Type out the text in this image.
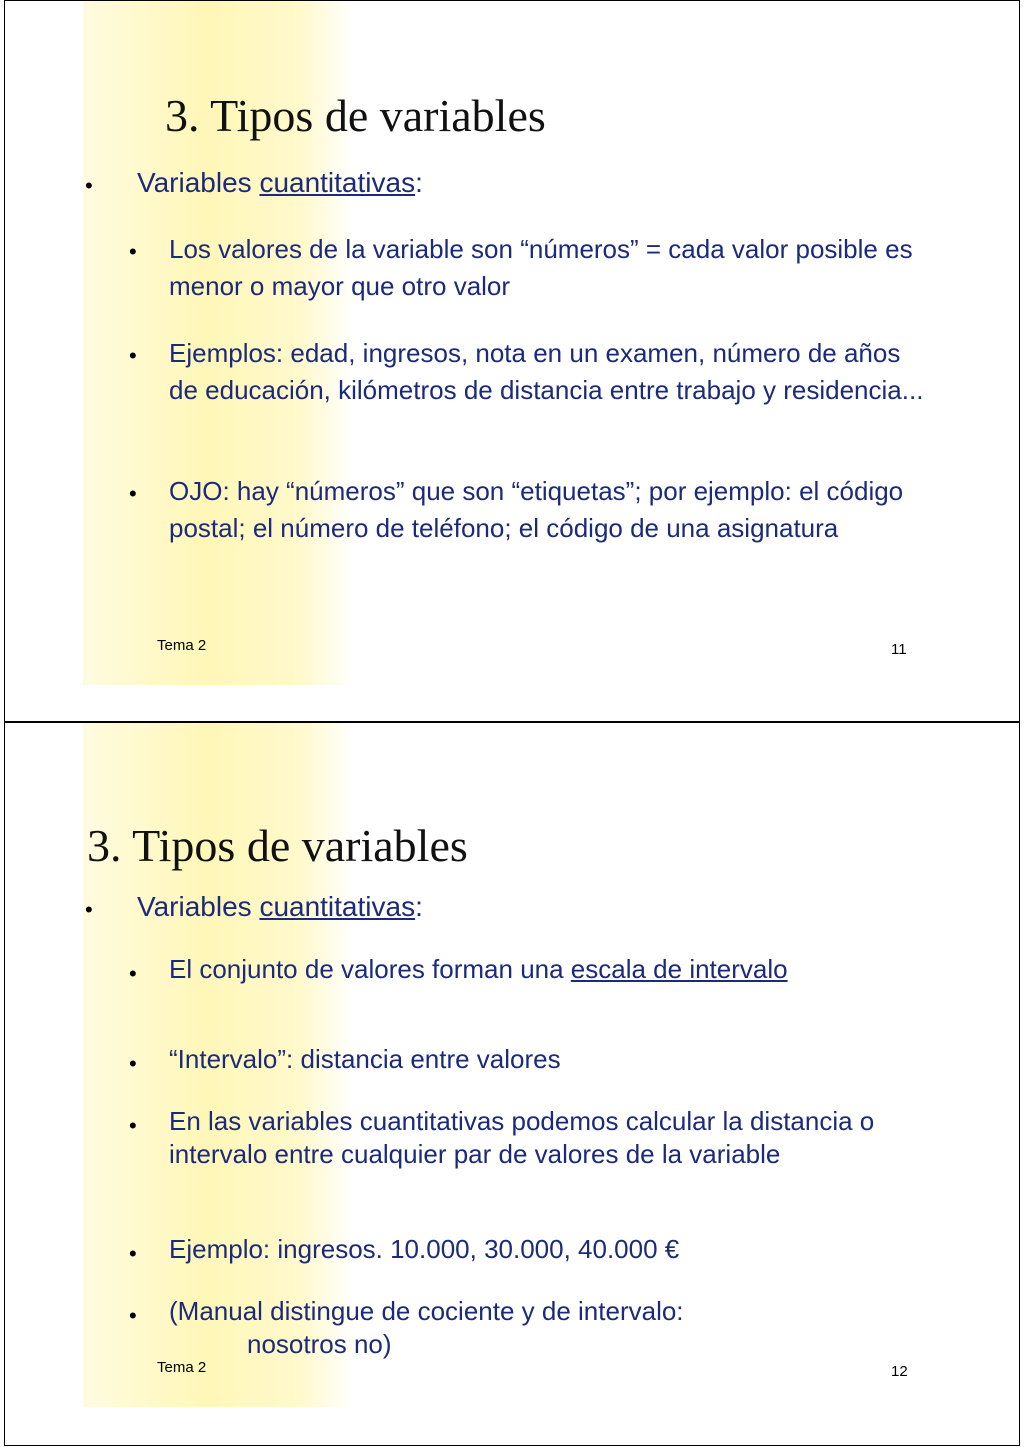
3. Tipos de variables
• Variables cuantitativas:
• Los valores de la variable son “números” = cada valor posible es menor o mayor que otro valor
• Ejemplos: edad, ingresos, nota en un examen, número de años de educación, kilómetros de distancia entre trabajo y residencia...
• OJO: hay “números” que son “etiquetas”; por ejemplo: el código postal; el número de teléfono; el código de una asignatura
Tema 2	11
3. Tipos de variables
• Variables cuantitativas:
• El conjunto de valores forman una escala de intervalo
• “Intervalo”: distancia entre valores
• En las variables cuantitativas podemos calcular la distancia o intervalo entre cualquier par de valores de la variable
• Ejemplo: ingresos. 10.000, 30.000, 40.000 €
• (Manual distingue de cociente y de intervalo:
nosotros no)
Tema 2	12
